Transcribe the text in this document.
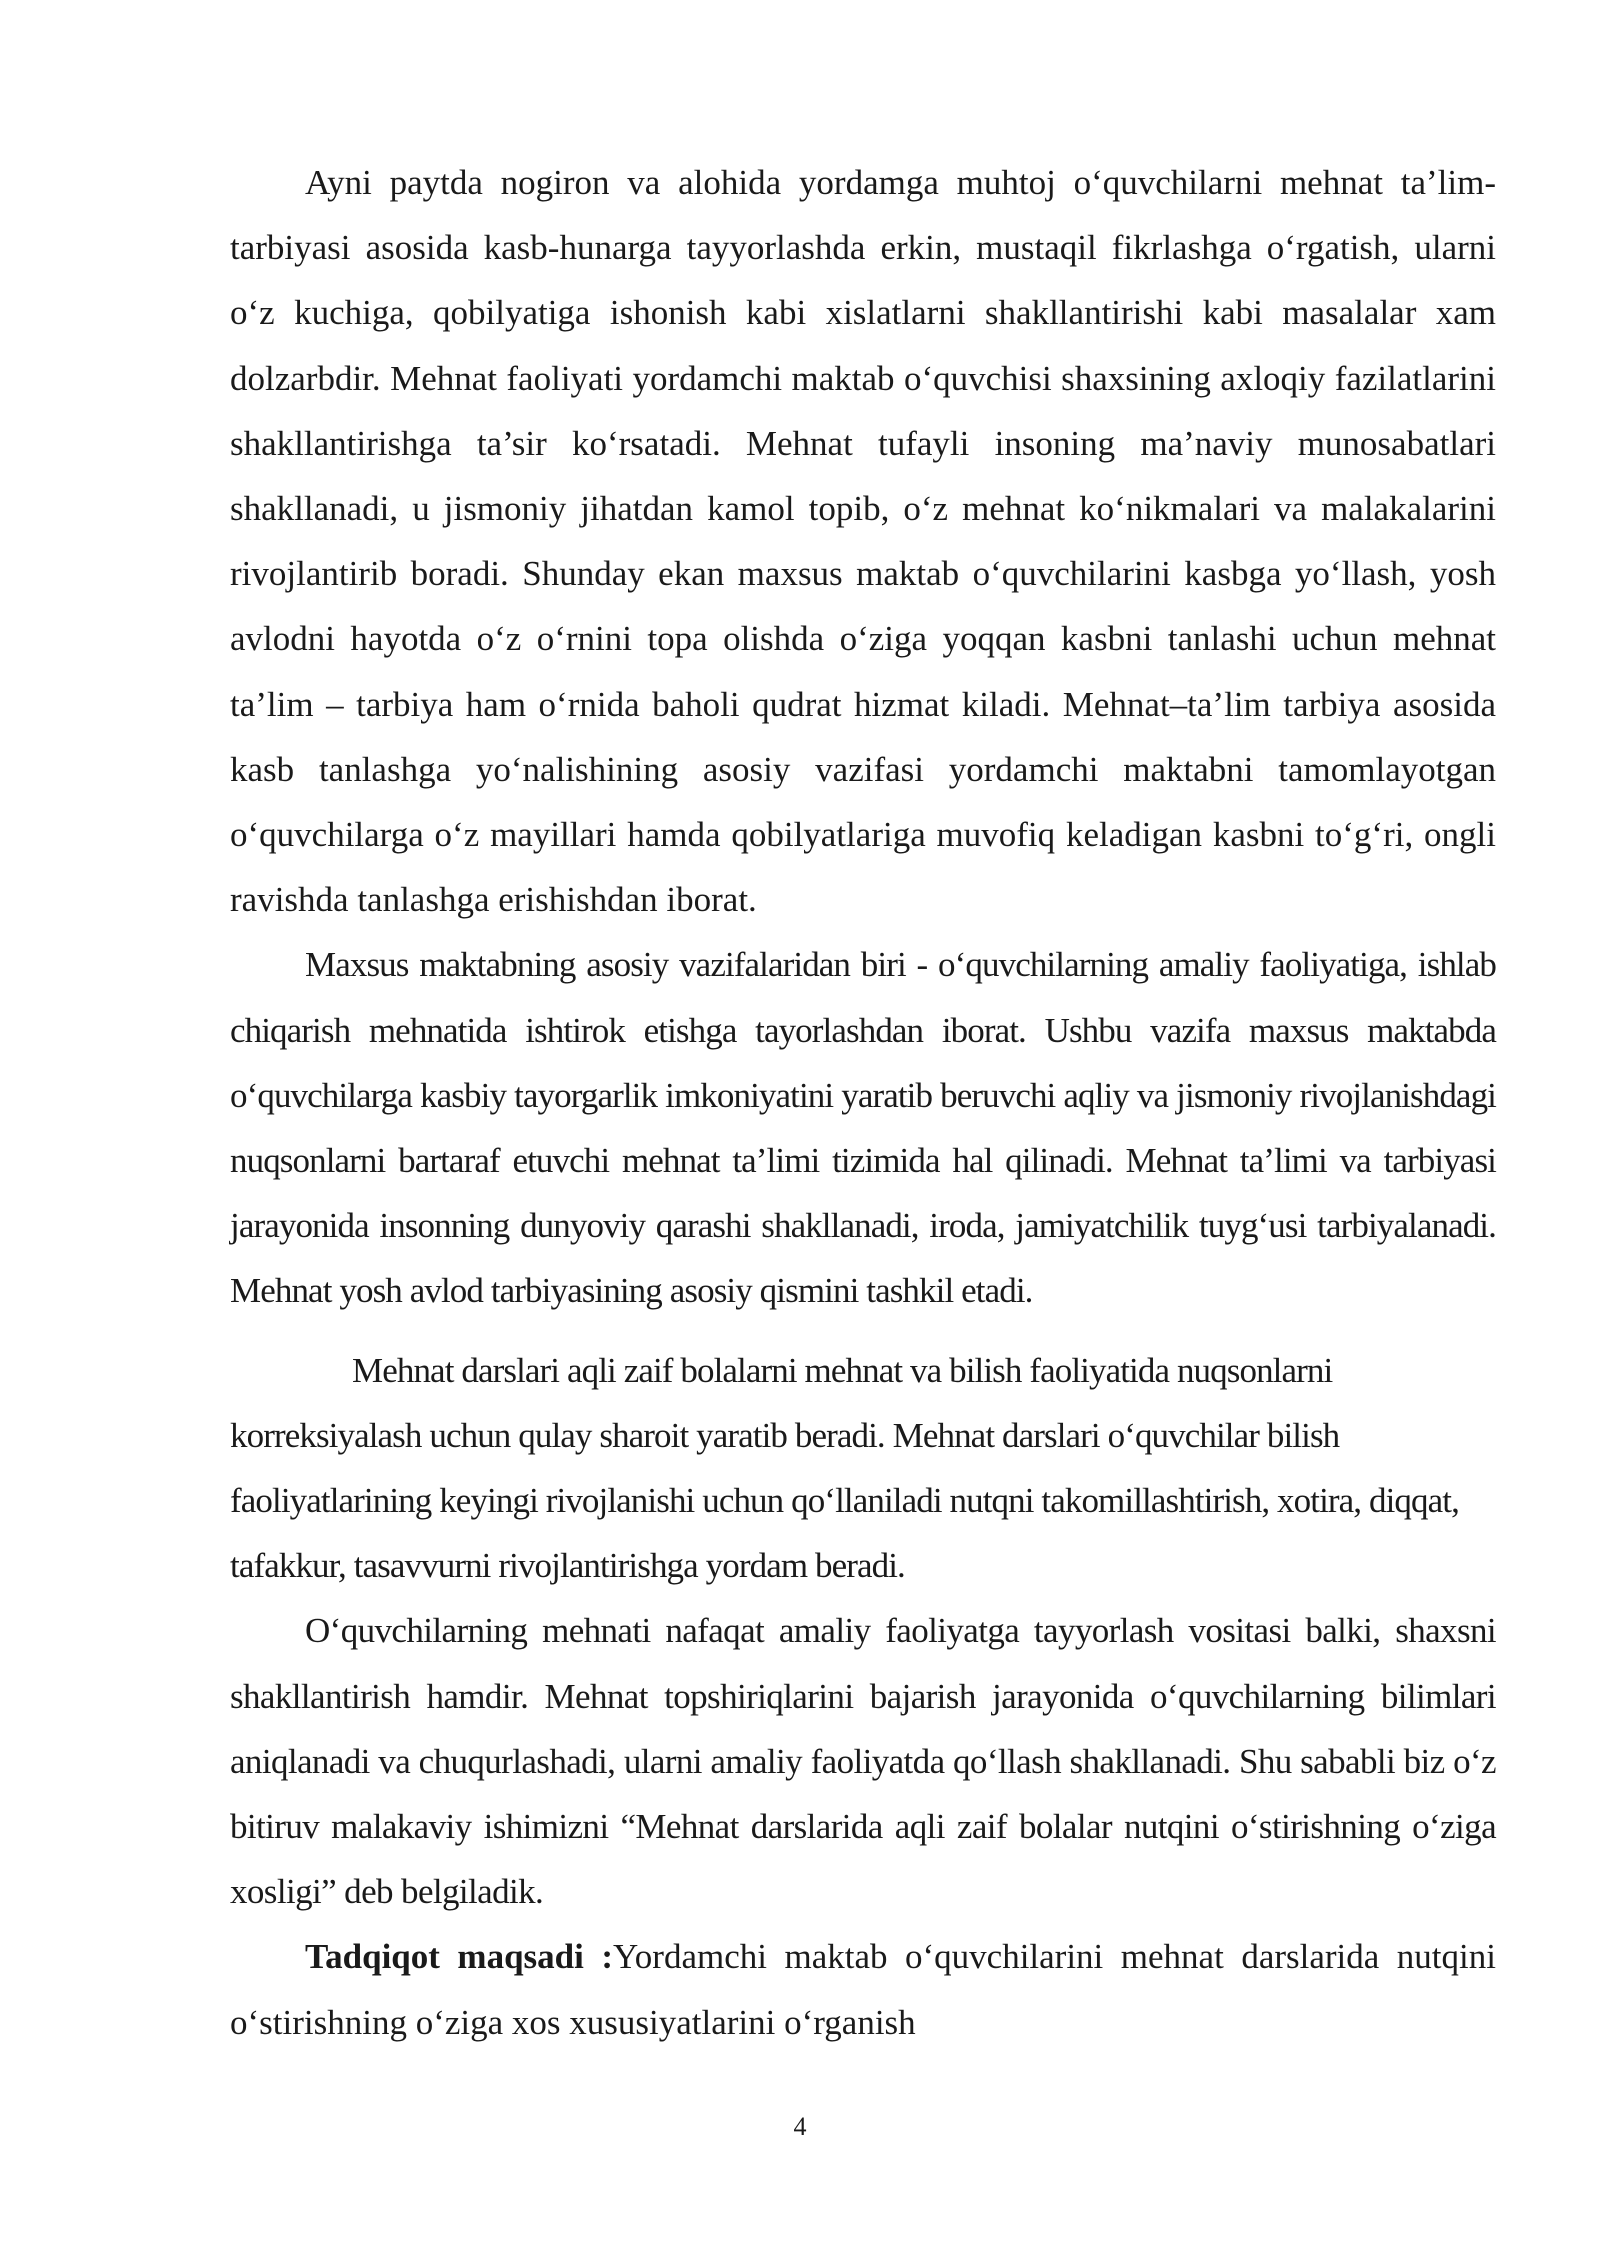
Ayni paytda nogiron va alohida yordamga muhtoj o‘quvchilarni mehnat ta’lim-tarbiyasi asosida kasb-hunarga tayyorlashda erkin, mustaqil fikrlashga o‘rgatish, ularni o‘z kuchiga, qobilyatiga ishonish kabi xislatlarni shakllantirishi kabi masalalar xam dolzarbdir. Mehnat faoliyati yordamchi maktab o‘quvchisi shaxsining axloqiy fazilatlarini shakllantirishga ta’sir ko‘rsatadi. Mehnat tufayli insoning ma’naviy munosabatlari shakllanadi, u jismoniy jihatdan kamol topib, o‘z mehnat ko‘nikmalari va malakalarini rivojlantirib boradi. Shunday ekan maxsus maktab o‘quvchilarini kasbga yo‘llash, yosh avlodni hayotda o‘z o‘rnini topa olishda o‘ziga yoqqan kasbni tanlashi uchun mehnat ta’lim – tarbiya ham o‘rnida baholi qudrat hizmat kiladi. Mehnat–ta’lim tarbiya asosida kasb tanlashga yo‘nalishining asosiy vazifasi yordamchi maktabni tamomlayotgan o‘quvchilarga o‘z mayillari hamda qobilyatlariga muvofiq keladigan kasbni to‘g‘ri, ongli ravishda tanlashga erishishdan iborat.

Maxsus maktabning asosiy vazifalaridan biri - o‘quvchilarning amaliy faoliyatiga, ishlab chiqarish mehnatida ishtirok etishga tayorlashdan iborat. Ushbu vazifa maxsus maktabda o‘quvchilarga kasbiy tayorgarlik imkoniyatini yaratib beruvchi aqliy va jismoniy rivojlanishdagi nuqsonlarni bartaraf etuvchi mehnat ta’limi tizimida hal qilinadi. Mehnat ta’limi va tarbiyasi jarayonida insonning dunyoviy qarashi shakllanadi, iroda, jamiyatchilik tuyg‘usi tarbiyalanadi. Mehnat yosh avlod tarbiyasining asosiy qismini tashkil etadi.

Mehnat darslari aqli zaif bolalarni mehnat va bilish faoliyatida nuqsonlarni korreksiyalash uchun qulay sharoit yaratib beradi. Mehnat darslari o‘quvchilar bilish faoliyatlarining keyingi rivojlanishi uchun qo‘llaniladi nutqni takomillashtirish, xotira, diqqat, tafakkur, tasavvurni rivojlantirishga yordam beradi.

O‘quvchilarning mehnati nafaqat amaliy faoliyatga tayyorlash vositasi balki, shaxsni shakllantirish hamdir. Mehnat topshiriqlarini bajarish jarayonida o‘quvchilarning bilimlari aniqlanadi va chuqurlashadi, ularni amaliy faoliyatda qo‘llash shakllanadi. Shu sababli biz o‘z bitiruv malakaviy ishimizni “Mehnat darslarida aqli zaif bolalar nutqini o‘stirishning o‘ziga xosligi” deb belgiladik.

Tadqiqot maqsadi :Yordamchi maktab o‘quvchilarini mehnat darslarida nutqini o‘stirishning o‘ziga xos xususiyatlarini o‘rganish

4
